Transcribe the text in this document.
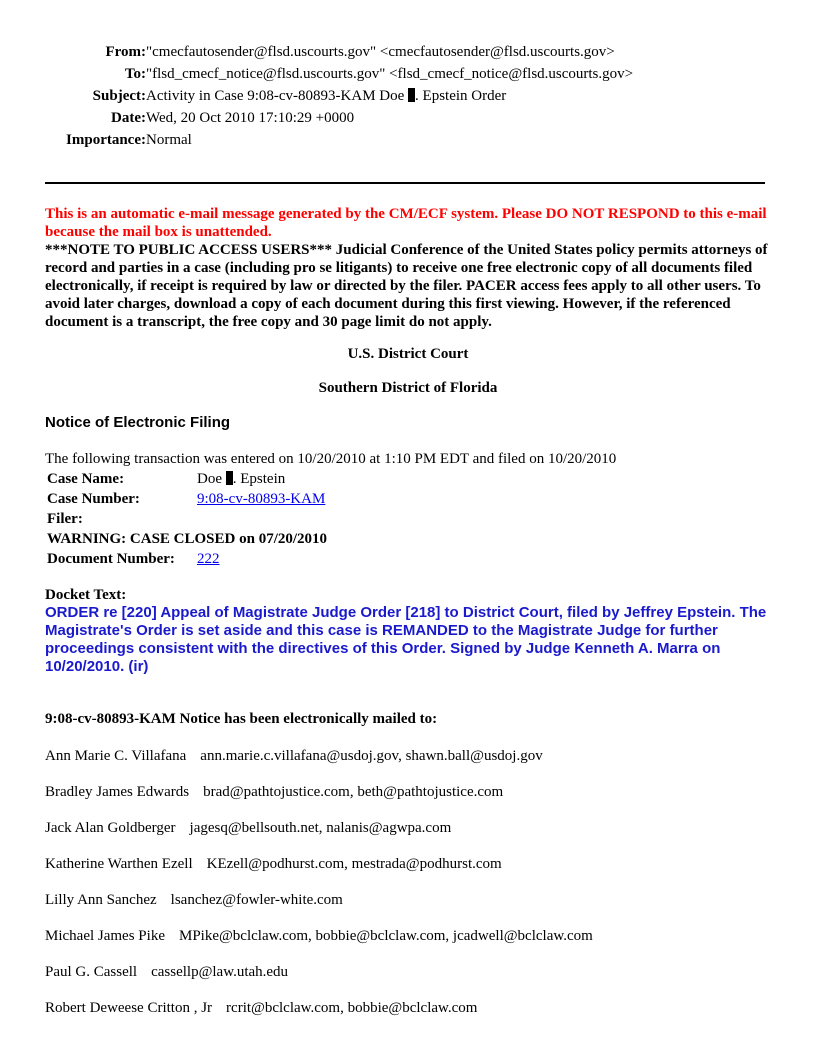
From: "cmecfautosender@flsd.uscourts.gov" <cmecfautosender@flsd.uscourts.gov>
To: "flsd_cmecf_notice@flsd.uscourts.gov" <flsd_cmecf_notice@flsd.uscourts.gov>
Subject: Activity in Case 9:08-cv-80893-KAM Doe . Epstein Order
Date: Wed, 20 Oct 2010 17:10:29 +0000
Importance: Normal
This is an automatic e-mail message generated by the CM/ECF system. Please DO NOT RESPOND to this e-mail because the mail box is unattended.
***NOTE TO PUBLIC ACCESS USERS*** Judicial Conference of the United States policy permits attorneys of record and parties in a case (including pro se litigants) to receive one free electronic copy of all documents filed electronically, if receipt is required by law or directed by the filer. PACER access fees apply to all other users. To avoid later charges, download a copy of each document during this first viewing. However, if the referenced document is a transcript, the free copy and 30 page limit do not apply.
U.S. District Court
Southern District of Florida
Notice of Electronic Filing
The following transaction was entered on 10/20/2010 at 1:10 PM EDT and filed on 10/20/2010
Case Name:	Doe . Epstein
Case Number:	9:08-cv-80893-KAM
Filer:
WARNING: CASE CLOSED on 07/20/2010
Document Number: 222
Docket Text:
ORDER re [220] Appeal of Magistrate Judge Order [218] to District Court, filed by Jeffrey Epstein. The Magistrate's Order is set aside and this case is REMANDED to the Magistrate Judge for further proceedings consistent with the directives of this Order. Signed by Judge Kenneth A. Marra on 10/20/2010. (ir)
9:08-cv-80893-KAM Notice has been electronically mailed to:
Ann Marie C. Villafana ann.marie.c.villafana@usdoj.gov, shawn.ball@usdoj.gov
Bradley James Edwards brad@pathtojustice.com, beth@pathtojustice.com
Jack Alan Goldberger jagesq@bellsouth.net, nalanis@agwpa.com
Katherine Warthen Ezell KEzell@podhurst.com, mestrada@podhurst.com
Lilly Ann Sanchez lsanchez@fowler-white.com
Michael James Pike MPike@bclclaw.com, bobbie@bclclaw.com, jcadwell@bclclaw.com
Paul G. Cassell cassellp@law.utah.edu
Robert Deweese Critton , Jr rcrit@bclclaw.com, bobbie@bclclaw.com
